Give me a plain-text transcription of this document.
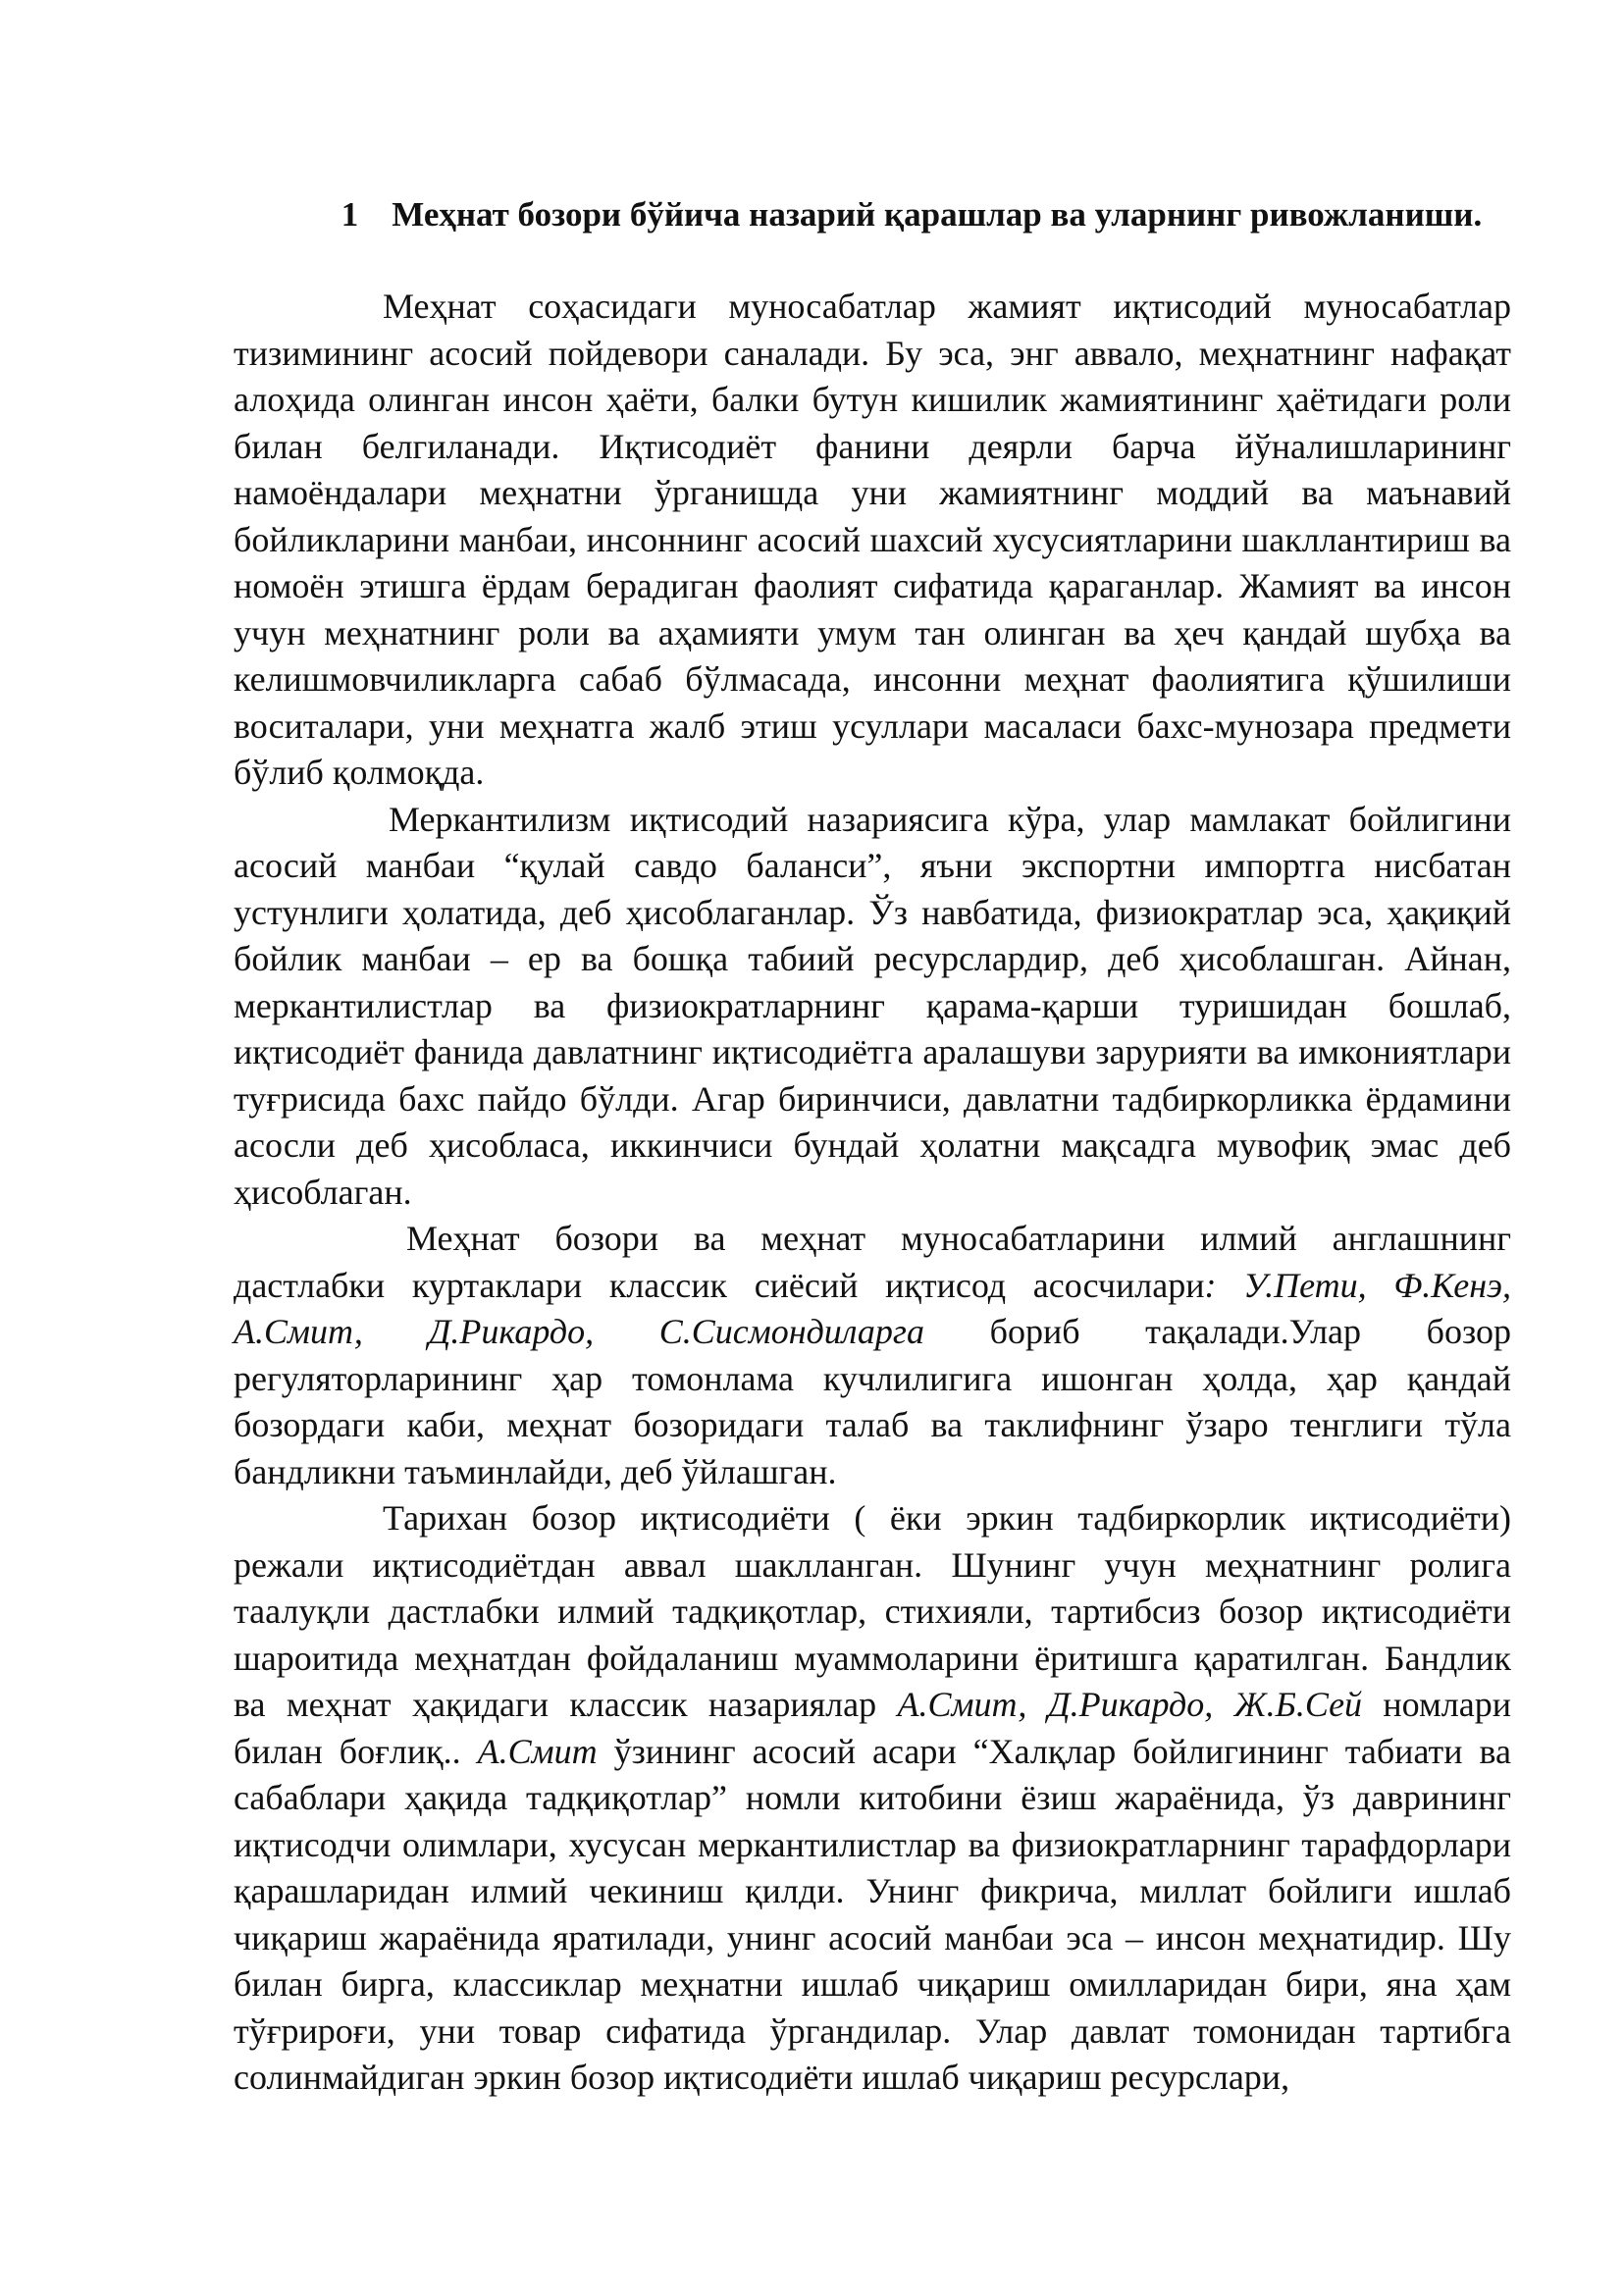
1 Меҳнат бозори бўйича назарий қарашлар ва уларнинг ривожланиши.

Меҳнат соҳасидаги муносабатлар жамият иқтисодий муносабатлар тизимининг асосий пойдевори саналади. Бу эса, энг аввало, меҳнатнинг нафақат алоҳида олинган инсон ҳаёти, балки бутун кишилик жамиятининг ҳаётидаги роли билан белгиланади. Иқтисодиёт фанини деярли барча йўналишларининг намоёндалари меҳнатни ўрганишда уни жамиятнинг моддий ва маънавий бойликларини манбаи, инсоннинг асосий шахсий хусусиятларини шакллантириш ва номоён этишга ёрдам берадиган фаолият сифатида қараганлар. Жамият ва инсон учун меҳнатнинг роли ва аҳамияти умум тан олинган ва ҳеч қандай шубҳа ва келишмовчиликларга сабаб бўлмасада, инсонни меҳнат фаолиятига қўшилиши воситалари, уни меҳнатга жалб этиш усуллари масаласи бахс-мунозара предмети бўлиб қолмоқда.

Меркантилизм иқтисодий назариясига кўра, улар мамлакат бойлигини асосий манбаи “қулай савдо баланси”, яъни экспортни импортга нисбатан устунлиги ҳолатида, деб ҳисоблаганлар. Ўз навбатида, физиократлар эса, ҳақиқий бойлик манбаи – ер ва бошқа табиий ресурслардир, деб ҳисоблашган. Айнан, меркантилистлар ва физиократларнинг қарама-қарши туришидан бошлаб, иқтисодиёт фанида давлатнинг иқтисодиётга аралашуви зарурияти ва имкониятлари туғрисида бахс пайдо бўлди. Агар биринчиси, давлатни тадбиркорликка ёрдамини асосли деб ҳисобласа, иккинчиси бундай ҳолатни мақсадга мувофиқ эмас деб ҳисоблаган.

Меҳнат бозори ва меҳнат муносабатларини илмий англашнинг дастлабки куртаклари классик сиёсий иқтисод асосчилари: У.Пети, Ф.Кенэ, А.Смит, Д.Рикардо, С.Сисмондиларга бориб тақалади.Улар бозор регуляторларининг ҳар томонлама кучлилигига ишонган ҳолда, ҳар қандай бозордаги каби, меҳнат бозоридаги талаб ва таклифнинг ўзаро тенглиги тўла бандликни таъминлайди, деб ўйлашган.

Тарихан бозор иқтисодиёти ( ёки эркин тадбиркорлик иқтисодиёти) режали иқтисодиётдан аввал шаклланган. Шунинг учун меҳнатнинг ролига таалуқли дастлабки илмий тадқиқотлар, стихияли, тартибсиз бозор иқтисодиёти шароитида меҳнатдан фойдаланиш муаммоларини ёритишга қаратилган. Бандлик ва меҳнат ҳақидаги классик назариялар А.Смит, Д.Рикардо, Ж.Б.Сей номлари билан боғлиқ.. А.Смит ўзининг асосий асари “Халқлар бойлигининг табиати ва сабаблари ҳақида тадқиқотлар” номли китобини ёзиш жараёнида, ўз даврининг иқтисодчи олимлари, хусусан меркантилистлар ва физиократларнинг тарафдорлари қарашларидан илмий чекиниш қилди. Унинг фикрича, миллат бойлиги ишлаб чиқариш жараёнида яратилади, унинг асосий манбаи эса – инсон меҳнатидир. Шу билан бирга, классиклар меҳнатни ишлаб чиқариш омилларидан бири, яна ҳам тўғрироғи, уни товар сифатида ўргандилар. Улар давлат томонидан тартибга солинмайдиган эркин бозор иқтисодиёти ишлаб чиқариш ресурслари,
